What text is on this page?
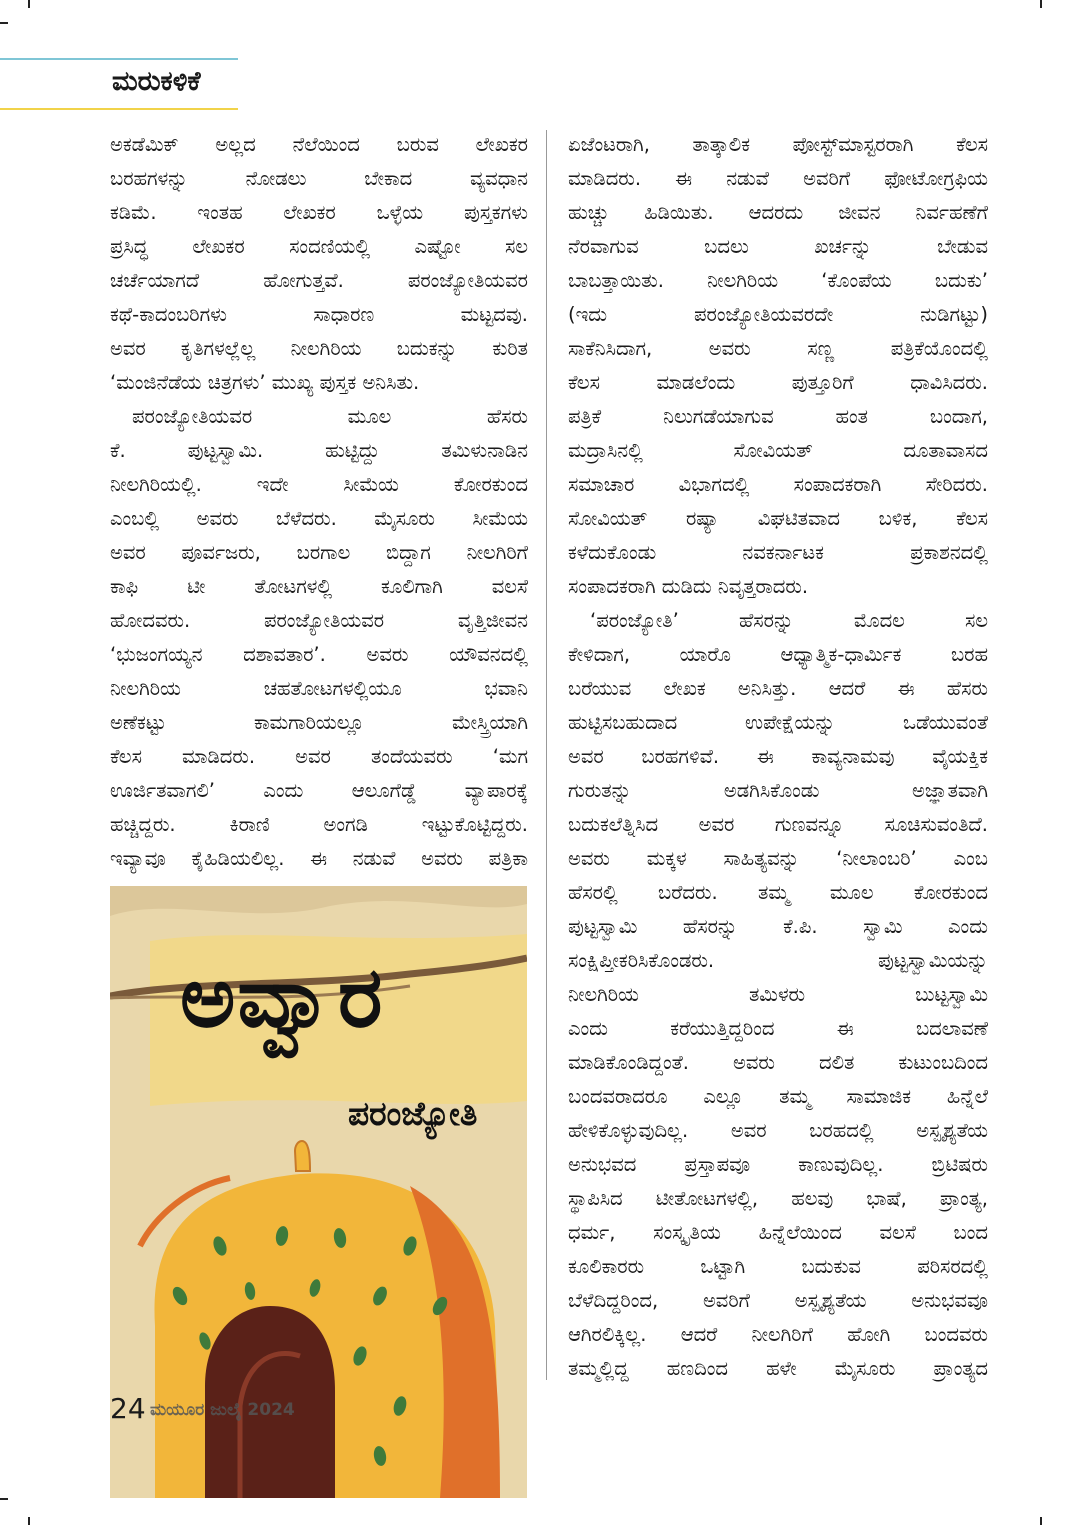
ಮರುಕಳಿಕೆ
ಅಕಡೆಮಿಕ್ ಅಲ್ಲದ ನೆಲೆಯಿಂದ ಬರುವ ಲೇಖಕರ
ಬರಹಗಳನ್ನು ನೋಡಲು ಬೇಕಾದ ವ್ಯವಧಾನ
ಕಡಿಮೆ. ಇಂತಹ ಲೇಖಕರ ಒಳ್ಳೆಯ ಪುಸ್ತಕಗಳು
ಪ್ರಸಿದ್ಧ ಲೇಖಕರ ಸಂದಣಿಯಲ್ಲಿ ಎಷ್ಟೋ ಸಲ
ಚರ್ಚೆಯಾಗದೆ ಹೋಗುತ್ತವೆ. ಪರಂಜ್ಯೋತಿಯವರ
ಕಥೆ-ಕಾದಂಬರಿಗಳು ಸಾಧಾರಣ ಮಟ್ಟದವು.
ಅವರ ಕೃತಿಗಳಲ್ಲೆಲ್ಲ ನೀಲಗಿರಿಯ ಬದುಕನ್ನು ಕುರಿತ
‘ಮಂಜಿನೆಡೆಯ ಚಿತ್ರಗಳು’ ಮುಖ್ಯ ಪುಸ್ತಕ ಅನಿಸಿತು.
ಪರಂಜ್ಯೋತಿಯವರ ಮೂಲ ಹೆಸರು
ಕೆ. ಪುಟ್ಟಸ್ವಾಮಿ. ಹುಟ್ಟಿದ್ದು ತಮಿಳುನಾಡಿನ
ನೀಲಗಿರಿಯಲ್ಲಿ. ಇದೇ ಸೀಮೆಯ ಕೋರಕುಂದ
ಎಂಬಲ್ಲಿ ಅವರು ಬೆಳೆದರು. ಮೈಸೂರು ಸೀಮೆಯ
ಅವರ ಪೂರ್ವಜರು, ಬರಗಾಲ ಬಿದ್ದಾಗ ನೀಲಗಿರಿಗೆ
ಕಾಫಿ ಟೀ ತೋಟಗಳಲ್ಲಿ ಕೂಲಿಗಾಗಿ ವಲಸೆ
ಹೋದವರು. ಪರಂಜ್ಯೋತಿಯವರ ವೃತ್ತಿಜೀವನ
‘ಭುಜಂಗಯ್ಯನ ದಶಾವತಾರ’. ಅವರು ಯೌವನದಲ್ಲಿ
ನೀಲಗಿರಿಯ ಚಹತೋಟಗಳಲ್ಲಿಯೂ ಭವಾನಿ
ಅಣೆಕಟ್ಟು ಕಾಮಗಾರಿಯಲ್ಲೂ ಮೇಸ್ತ್ರಿಯಾಗಿ
ಕೆಲಸ ಮಾಡಿದರು. ಅವರ ತಂದೆಯವರು ‘ಮಗ
ಊರ್ಜಿತವಾಗಲಿ’ ಎಂದು ಆಲೂಗೆಡ್ಡೆ ವ್ಯಾಪಾರಕ್ಕೆ
ಹಚ್ಚಿದ್ದರು. ಕಿರಾಣಿ ಅಂಗಡಿ ಇಟ್ಟುಕೊಟ್ಟಿದ್ದರು.
ಇವ್ಯಾವೂ ಕೈಹಿಡಿಯಲಿಲ್ಲ. ಈ ನಡುವೆ ಅವರು ಪತ್ರಿಕಾ
ಏಜೆಂಟರಾಗಿ, ತಾತ್ಕಾಲಿಕ ಪೋಸ್ಟ್‌ಮಾಸ್ಟರರಾಗಿ ಕೆಲಸ
ಮಾಡಿದರು. ಈ ನಡುವೆ ಅವರಿಗೆ ಫೋಟೋಗ್ರಫಿಯ
ಹುಚ್ಚು ಹಿಡಿಯಿತು. ಆದರದು ಜೀವನ ನಿರ್ವಹಣೆಗೆ
ನೆರವಾಗುವ ಬದಲು ಖರ್ಚನ್ನು ಬೇಡುವ
ಬಾಬತ್ತಾಯಿತು. ನೀಲಗಿರಿಯ ‘ಕೊಂಪೆಯ ಬದುಕು’
(ಇದು ಪರಂಜ್ಯೋತಿಯವರದೇ ನುಡಿಗಟ್ಟು)
ಸಾಕೆನಿಸಿದಾಗ, ಅವರು ಸಣ್ಣ ಪತ್ರಿಕೆಯೊಂದಲ್ಲಿ
ಕೆಲಸ ಮಾಡಲೆಂದು ಪುತ್ತೂರಿಗೆ ಧಾವಿಸಿದರು.
ಪತ್ರಿಕೆ ನಿಲುಗಡೆಯಾಗುವ ಹಂತ ಬಂದಾಗ,
ಮದ್ರಾಸಿನಲ್ಲಿ ಸೋವಿಯತ್ ದೂತಾವಾಸದ
ಸಮಾಚಾರ ವಿಭಾಗದಲ್ಲಿ ಸಂಪಾದಕರಾಗಿ ಸೇರಿದರು.
ಸೋವಿಯತ್ ರಷ್ಯಾ ವಿಘಟಿತವಾದ ಬಳಿಕ, ಕೆಲಸ
ಕಳೆದುಕೊಂಡು ನವಕರ್ನಾಟಕ ಪ್ರಕಾಶನದಲ್ಲಿ
ಸಂಪಾದಕರಾಗಿ ದುಡಿದು ನಿವೃತ್ತರಾದರು.
‘ಪರಂಜ್ಯೋತಿ’ ಹೆಸರನ್ನು ಮೊದಲ ಸಲ
ಕೇಳಿದಾಗ, ಯಾರೊ ಆಧ್ಯಾತ್ಮಿಕ-ಧಾರ್ಮಿಕ ಬರಹ
ಬರೆಯುವ ಲೇಖಕ ಅನಿಸಿತ್ತು. ಆದರೆ ಈ ಹೆಸರು
ಹುಟ್ಟಿಸಬಹುದಾದ ಉಪೇಕ್ಷೆಯನ್ನು ಒಡೆಯುವಂತೆ
ಅವರ ಬರಹಗಳಿವೆ. ಈ ಕಾವ್ಯನಾಮವು ವೈಯಕ್ತಿಕ
ಗುರುತನ್ನು ಅಡಗಿಸಿಕೊಂಡು ಅಜ್ಞಾತವಾಗಿ
ಬದುಕಲೆತ್ನಿಸಿದ ಅವರ ಗುಣವನ್ನೂ ಸೂಚಿಸುವಂತಿದೆ.
ಅವರು ಮಕ್ಕಳ ಸಾಹಿತ್ಯವನ್ನು ‘ನೀಲಾಂಬರಿ’ ಎಂಬ
ಹೆಸರಲ್ಲಿ ಬರೆದರು. ತಮ್ಮ ಮೂಲ ಕೋರಕುಂದ
ಪುಟ್ಟಸ್ವಾಮಿ ಹೆಸರನ್ನು ಕೆ.ಪಿ. ಸ್ವಾಮಿ ಎಂದು
ಸಂಕ್ಷಿಪ್ತೀಕರಿಸಿಕೊಂಡರು. ಪುಟ್ಟಸ್ವಾಮಿಯನ್ನು
ನೀಲಗಿರಿಯ ತಮಿಳರು ಬುಟ್ಟಸ್ವಾಮಿ
ಎಂದು ಕರೆಯುತ್ತಿದ್ದರಿಂದ ಈ ಬದಲಾವಣೆ
ಮಾಡಿಕೊಂಡಿದ್ದಂತೆ. ಅವರು ದಲಿತ ಕುಟುಂಬದಿಂದ
ಬಂದವರಾದರೂ ಎಲ್ಲೂ ತಮ್ಮ ಸಾಮಾಜಿಕ ಹಿನ್ನೆಲೆ
ಹೇಳಿಕೊಳ್ಳುವುದಿಲ್ಲ. ಅವರ ಬರಹದಲ್ಲಿ ಅಸ್ಪೃಶ್ಯತೆಯ
ಅನುಭವದ ಪ್ರಸ್ತಾಪವೂ ಕಾಣುವುದಿಲ್ಲ. ಬ್ರಿಟಿಷರು
ಸ್ಥಾಪಿಸಿದ ಟೀತೋಟಗಳಲ್ಲಿ, ಹಲವು ಭಾಷೆ, ಪ್ರಾಂತ್ಯ,
ಧರ್ಮ, ಸಂಸ್ಕೃತಿಯ ಹಿನ್ನೆಲೆಯಿಂದ ವಲಸೆ ಬಂದ
ಕೂಲಿಕಾರರು ಒಟ್ಟಾಗಿ ಬದುಕುವ ಪರಿಸರದಲ್ಲಿ
ಬೆಳೆದಿದ್ದರಿಂದ, ಅವರಿಗೆ ಅಸ್ಪೃಶ್ಯತೆಯ ಅನುಭವವೂ
ಆಗಿರಲಿಕ್ಕಿಲ್ಲ. ಆದರೆ ನೀಲಗಿರಿಗೆ ಹೋಗಿ ಬಂದವರು
ತಮ್ಮಲ್ಲಿದ್ದ ಹಣದಿಂದ ಹಳೇ ಮೈಸೂರು ಪ್ರಾಂತ್ಯದ
ಅವ್ವಾರ
ಪರಂಜ್ಯೋತಿ
24 ಮಯೂರ ಜುಲೈ 2024
